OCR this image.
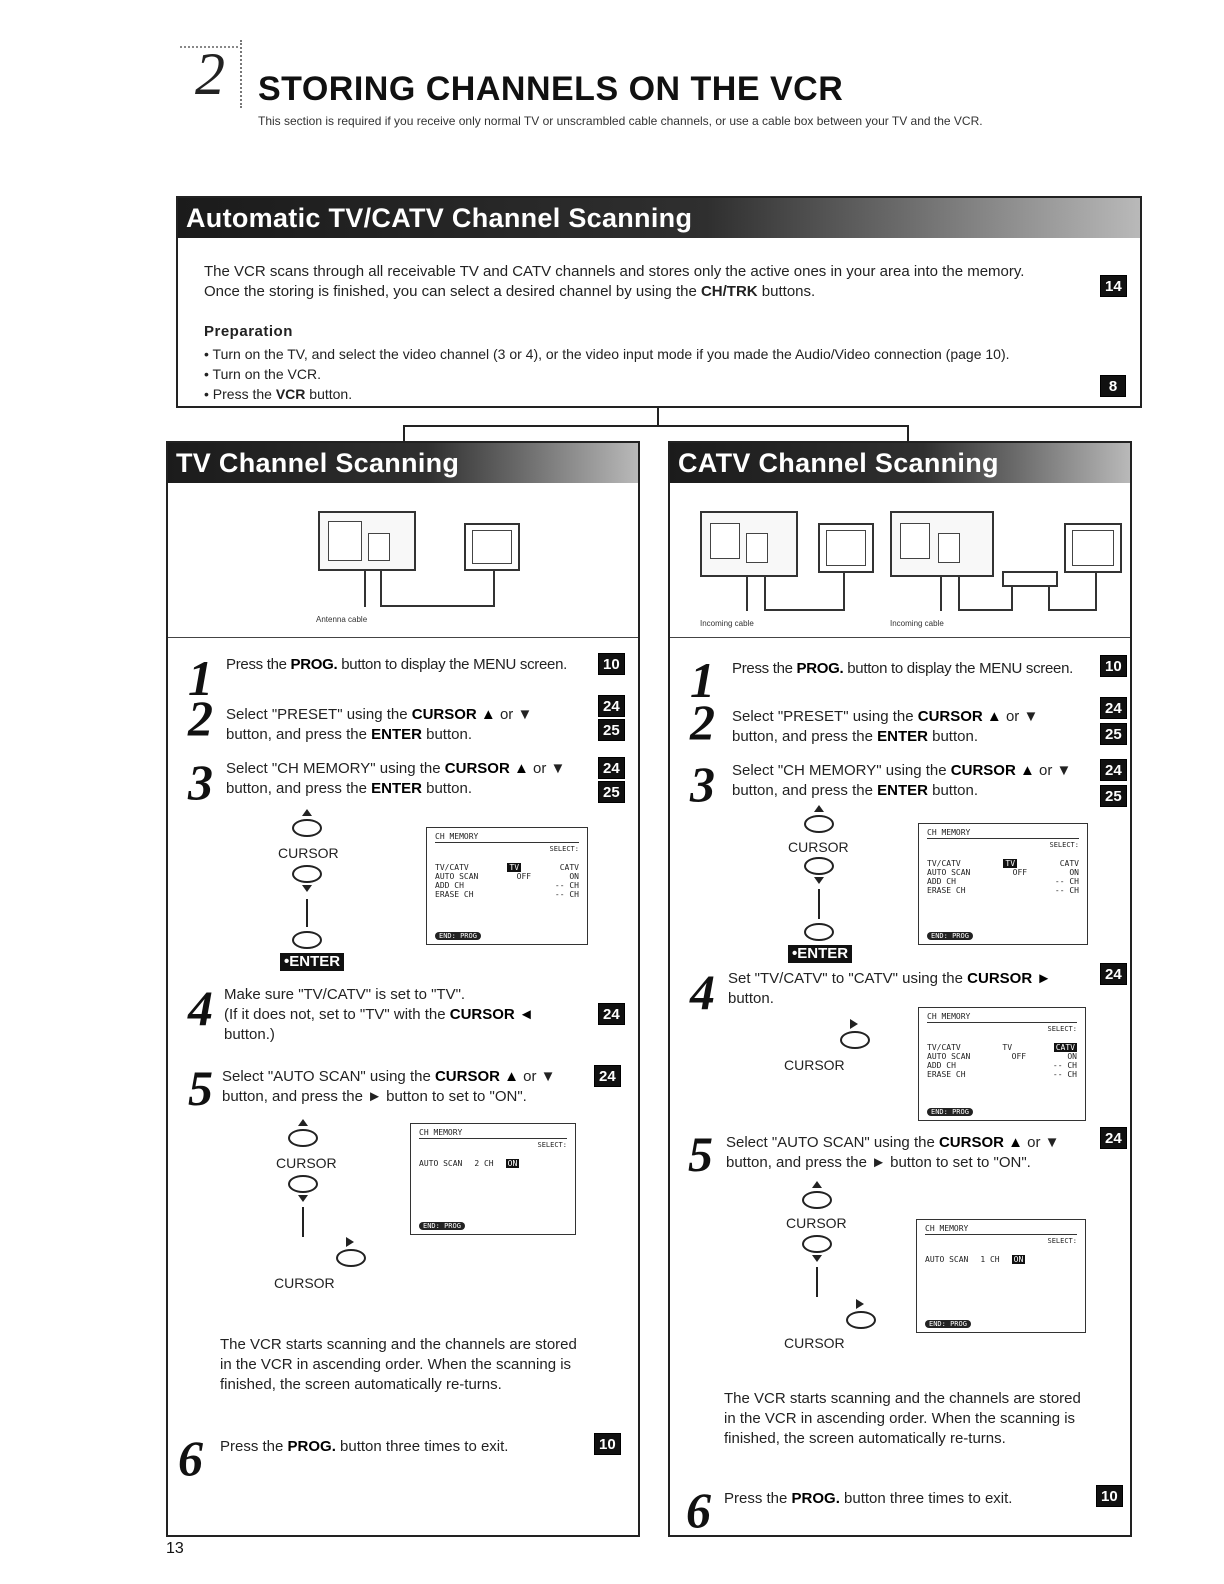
2 STORING CHANNELS ON THE VCR
This section is required if you receive only normal TV or unscrambled cable channels, or use a cable box between your TV and the VCR.
Automatic TV/CATV Channel Scanning
The VCR scans through all receivable TV and CATV channels and stores only the active ones in your area into the memory.
Once the storing is finished, you can select a desired channel by using the CH/TRK buttons.	14
Preparation
• Turn on the TV, and select the video channel (3 or 4), or the video input mode if you made the Audio/Video connection (page 10).
• Turn on the VCR.
• Press the VCR button.	8
TV Channel Scanning
Antenna cable
1 Press the PROG. button to display the MENU screen.	10
2 Select "PRESET" using the CURSOR ▲ or ▼
button, and press the ENTER button.
24
25
3 Select "CH MEMORY" using the CURSOR ▲ or ▼
button, and press the ENTER button.
24
25
CURSOR
•ENTER
CH MEMORY
SELECT:
TV/CATV	TV	CATV
AUTO SCAN	OFF	ON
ADD CH	-- CH
ERASE CH	-- CH
END: PROG
4 Make sure "TV/CATV" is set to "TV".
(If it does not, set to "TV" with the CURSOR ◄
button.)
24
5 Select "AUTO SCAN" using the CURSOR ▲ or ▼
button, and press the ► button to set to "ON".
24
CURSOR
CURSOR
CH MEMORY
SELECT:
AUTO SCAN 2 CH ON
END: PROG
The VCR starts scanning and the channels are stored in the VCR in ascending order. When the scanning is finished, the screen automatically re-turns.
6 Press the PROG. button three times to exit.	10
CATV Channel Scanning
Incoming cable	Incoming cable
1 Press the PROG. button to display the MENU screen.	10
2 Select "PRESET" using the CURSOR ▲ or ▼
button, and press the ENTER button.
24
25
3 Select "CH MEMORY" using the CURSOR ▲ or ▼
button, and press the ENTER button.
24
25
CURSOR
•ENTER
CH MEMORY
SELECT:
TV/CATV	TV	CATV
AUTO SCAN	OFF	ON
ADD CH	-- CH
ERASE CH	-- CH
END: PROG
4 Set "TV/CATV" to "CATV" using the CURSOR ►
button.
24
CURSOR
CH MEMORY
SELECT:
TV/CATV	TV	CATV
AUTO SCAN	OFF	ON
ADD CH	-- CH
ERASE CH	-- CH
END: PROG
5 Select "AUTO SCAN" using the CURSOR ▲ or ▼
button, and press the ► button to set to "ON".
24
CURSOR
CURSOR
CH MEMORY
SELECT:
AUTO SCAN 1 CH ON
END: PROG
The VCR starts scanning and the channels are stored in the VCR in ascending order. When the scanning is finished, the screen automatically re-turns.
6 Press the PROG. button three times to exit.	10
13
